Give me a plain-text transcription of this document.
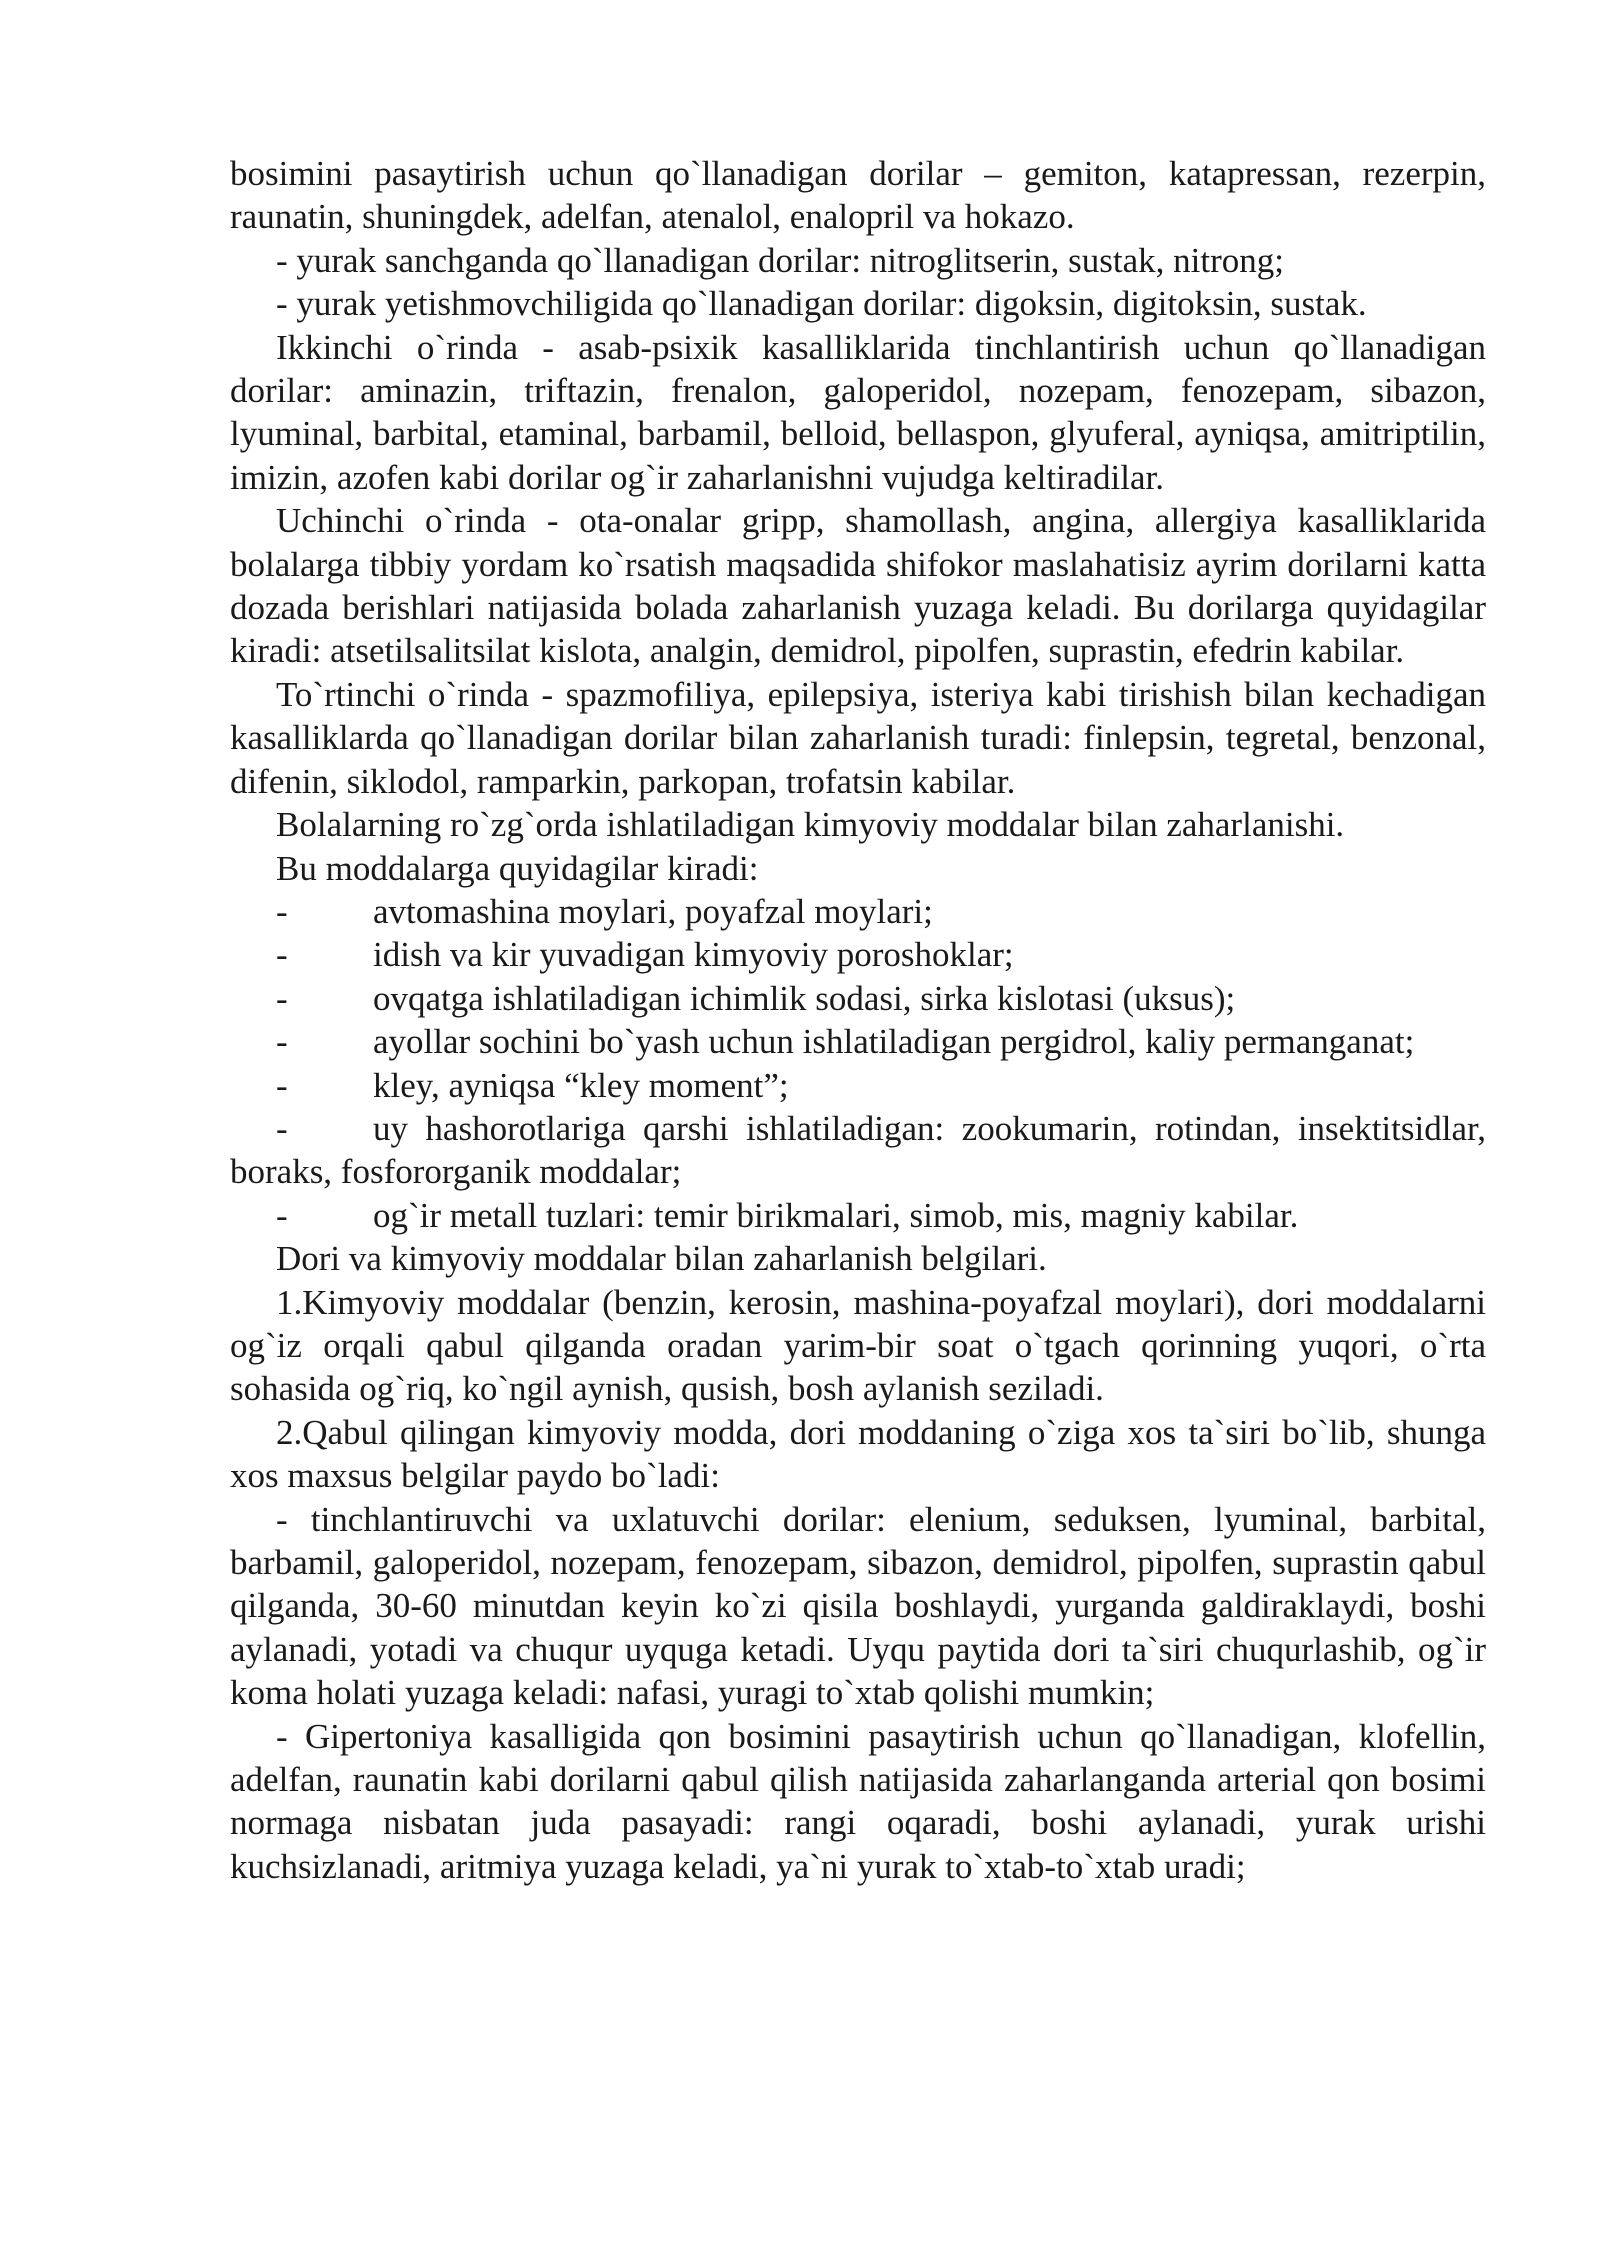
bosimini pasaytirish uchun qo`llanadigan dorilar – gemiton, katapressan, rezerpin, raunatin, shuningdek, adelfan, atenalol, enalopril va hokazo.

- yurak sanchganda qo`llanadigan dorilar: nitroglitserin, sustak, nitrong;

- yurak yetishmovchiligida qo`llanadigan dorilar: digoksin, digitoksin, sustak.

Ikkinchi o`rinda - asab-psixik kasalliklarida tinchlantirish uchun qo`llanadigan dorilar: aminazin, triftazin, frenalon, galoperidol, nozepam, fenozepam, sibazon, lyuminal, barbital, etaminal, barbamil, belloid, bellaspon, glyuferal, ayniqsa, amitriptilin, imizin, azofen kabi dorilar og`ir zaharlanishni vujudga keltiradilar.

Uchinchi o`rinda - ota-onalar gripp, shamollash, angina, allergiya kasalliklarida bolalarga tibbiy yordam ko`rsatish maqsadida shifokor maslahatisiz ayrim dorilarni katta dozada berishlari natijasida bolada zaharlanish yuzaga keladi. Bu dorilarga quyidagilar kiradi: atsetilsalitsilat kislota, analgin, demidrol, pipolfen, suprastin, efedrin kabilar.

To`rtinchi o`rinda - spazmofiliya, epilepsiya, isteriya kabi tirishish bilan kechadigan kasalliklarda qo`llanadigan dorilar bilan zaharlanish turadi: finlepsin, tegretal, benzonal, difenin, siklodol, ramparkin, parkopan, trofatsin kabilar.

Bolalarning ro`zg`orda ishlatiladigan kimyoviy moddalar bilan zaharlanishi.

Bu moddalarga quyidagilar kiradi:

- avtomashina moylari, poyafzal moylari;
- idish va kir yuvadigan kimyoviy poroshoklar;
- ovqatga ishlatiladigan ichimlik sodasi, sirka kislotasi (uksus);
- ayollar sochini bo`yash uchun ishlatiladigan pergidrol, kaliy permanganat;
- kley, ayniqsa “kley moment”;
- uy hashorotlariga qarshi ishlatiladigan: zookumarin, rotindan, insektitsidlar, boraks, fosfororganik moddalar;
- og`ir metall tuzlari: temir birikmalari, simob, mis, magniy kabilar.

Dori va kimyoviy moddalar bilan zaharlanish belgilari.

1.Kimyoviy moddalar (benzin, kerosin, mashina-poyafzal moylari), dori moddalarni og`iz orqali qabul qilganda oradan yarim-bir soat o`tgach qorinning yuqori, o`rta sohasida og`riq, ko`ngil aynish, qusish, bosh aylanish seziladi.

2.Qabul qilingan kimyoviy modda, dori moddaning o`ziga xos ta`siri bo`lib, shunga xos maxsus belgilar paydo bo`ladi:

- tinchlantiruvchi va uxlatuvchi dorilar: elenium, seduksen, lyuminal, barbital, barbamil, galoperidol, nozepam, fenozepam, sibazon, demidrol, pipolfen, suprastin qabul qilganda, 30-60 minutdan keyin ko`zi qisila boshlaydi, yurganda galdiraklaydi, boshi aylanadi, yotadi va chuqur uyquga ketadi. Uyqu paytida dori ta`siri chuqurlashib, og`ir koma holati yuzaga keladi: nafasi, yuragi to`xtab qolishi mumkin;

- Gipertoniya kasalligida qon bosimini pasaytirish uchun qo`llanadigan, klofellin, adelfan, raunatin kabi dorilarni qabul qilish natijasida zaharlanganda arterial qon bosimi normaga nisbatan juda pasayadi: rangi oqaradi, boshi aylanadi, yurak urishi kuchsizlanadi, aritmiya yuzaga keladi, ya`ni yurak to`xtab-to`xtab uradi;
